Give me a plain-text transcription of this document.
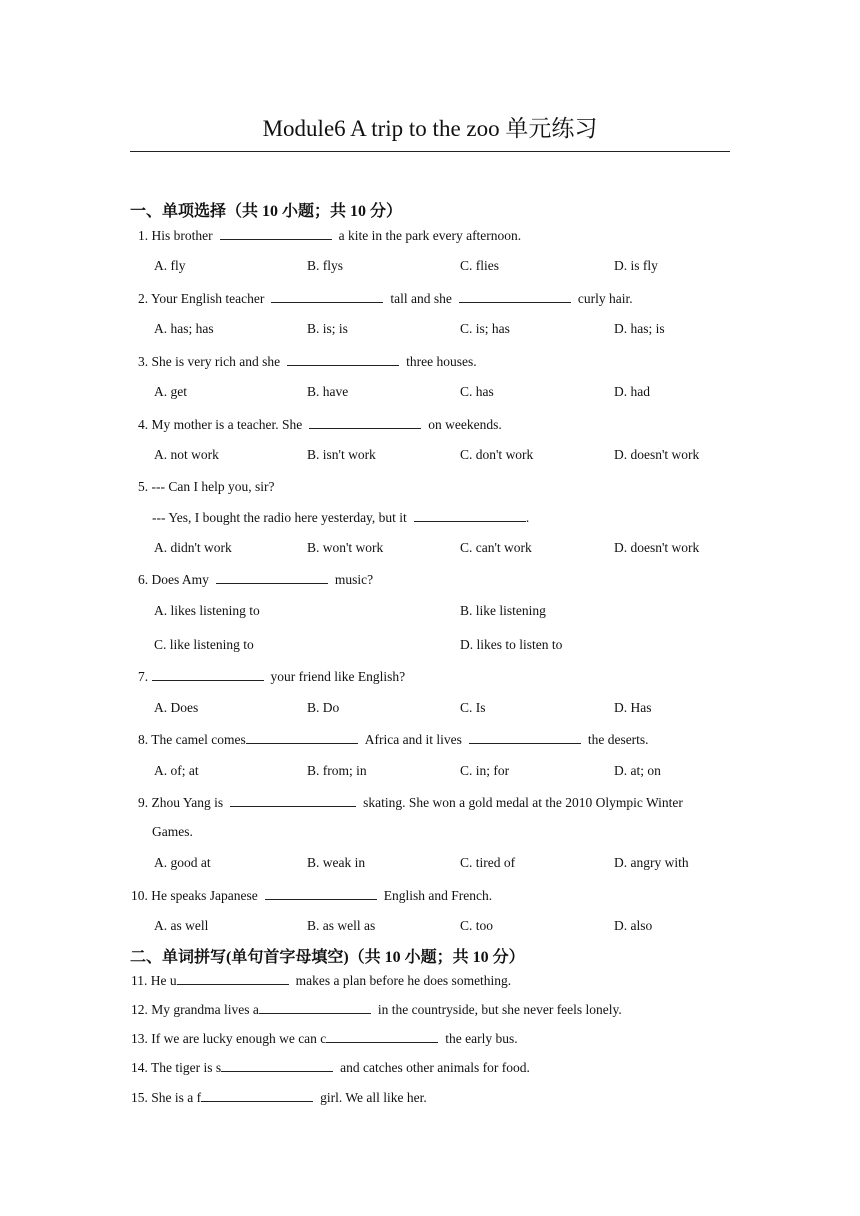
Module6 A trip to the zoo 单元练习
一、单项选择（共 10 小题；共 10 分）
1. His brother	a kite in the park every afternoon.
A. fly	B. flys	C. flies	D. is fly
2. Your English teacher	tall and she	curly hair.
A. has; has	B. is; is	C. is; has	D. has; is
3. She is very rich and she	three houses.
A. get	B. have	C. has	D. had
4. My mother is a teacher. She	on weekends.
A. not work	B. isn't work	C. don't work	D. doesn't work
5. --- Can I help you, sir?
--- Yes, I bought the radio here yesterday, but it	.
A. didn't work	B. won't work	C. can't work	D. doesn't work
6. Does Amy	music?
A. likes listening to	B. like listening
C. like listening to	D. likes to listen to
7.	your friend like English?
A. Does	B. Do	C. Is	D. Has
8. The camel comes	Africa and it lives	the deserts.
A. of; at	B. from; in	C. in; for	D. at; on
9. Zhou Yang is	skating. She won a gold medal at the 2010 Olympic Winter
Games.
A. good at	B. weak in	C. tired of	D. angry with
10. He speaks Japanese	English and French.
A. as well	B. as well as	C. too	D. also
二、单词拼写(单句首字母填空)（共 10 小题；共 10 分）
11. He u	makes a plan before he does something.
12. My grandma lives a	in the countryside, but she never feels lonely.
13. If we are lucky enough we can c	the early bus.
14. The tiger is s	and catches other animals for food.
15. She is a f	girl. We all like her.
